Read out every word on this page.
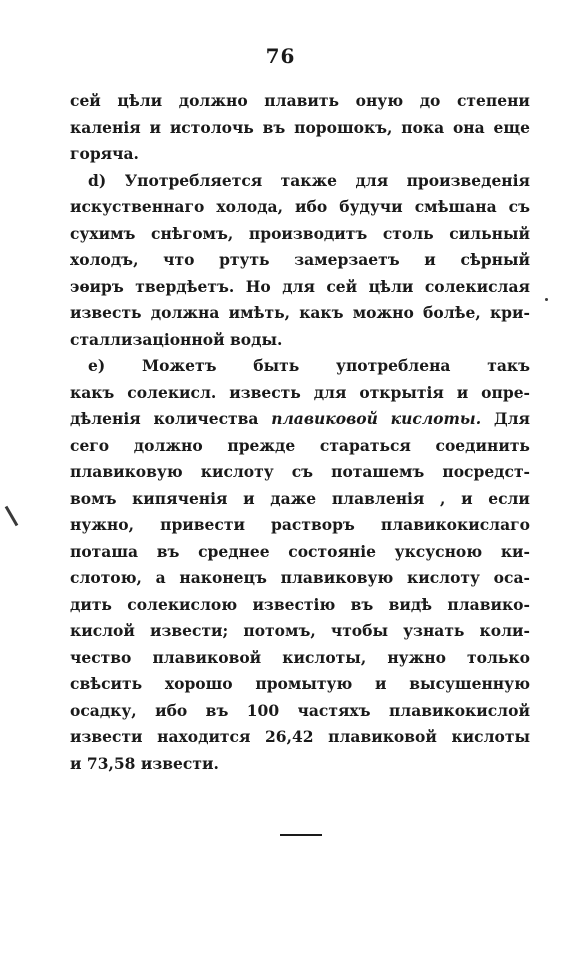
76
сей цѣли должно плавить оную до степени
каленія и истолочь въ порошокъ, пока она еще
горяча.
d) Употребляется также для произведенія
искуственнаго холода, ибо будучи смѣшана съ
сухимъ снѣгомъ, производитъ столь сильный
холодъ, что ртуть замерзаетъ и сѣрный
эѳиръ твердѣетъ. Но для сей цѣли солекислая
известь должна имѣть, какъ можно болѣе, кри-
сталлизаціонной воды.
e) Можетъ быть употреблена такъ
какъ солекисл. известь для открытія и опре-
дѣленія количества плавиковой кислоты. Для
сего должно прежде стараться соединить
плавиковую кислоту съ поташемъ посредст-
вомъ кипяченія и даже плавленія , и если
нужно, привести растворъ плавикокислаго
поташа въ среднее состояніе уксусною ки-
слотою, а наконецъ плавиковую кислоту оса-
дить солекислою известію въ видѣ плавико-
кислой извести; потомъ, чтобы узнать коли-
чество плавиковой кислоты, нужно только
свѣсить хорошо промытую и высушенную
осадку, ибо въ 100 частяхъ плавикокислой
извести находится 26,42 плавиковой кислоты
и 73,58 извести.
